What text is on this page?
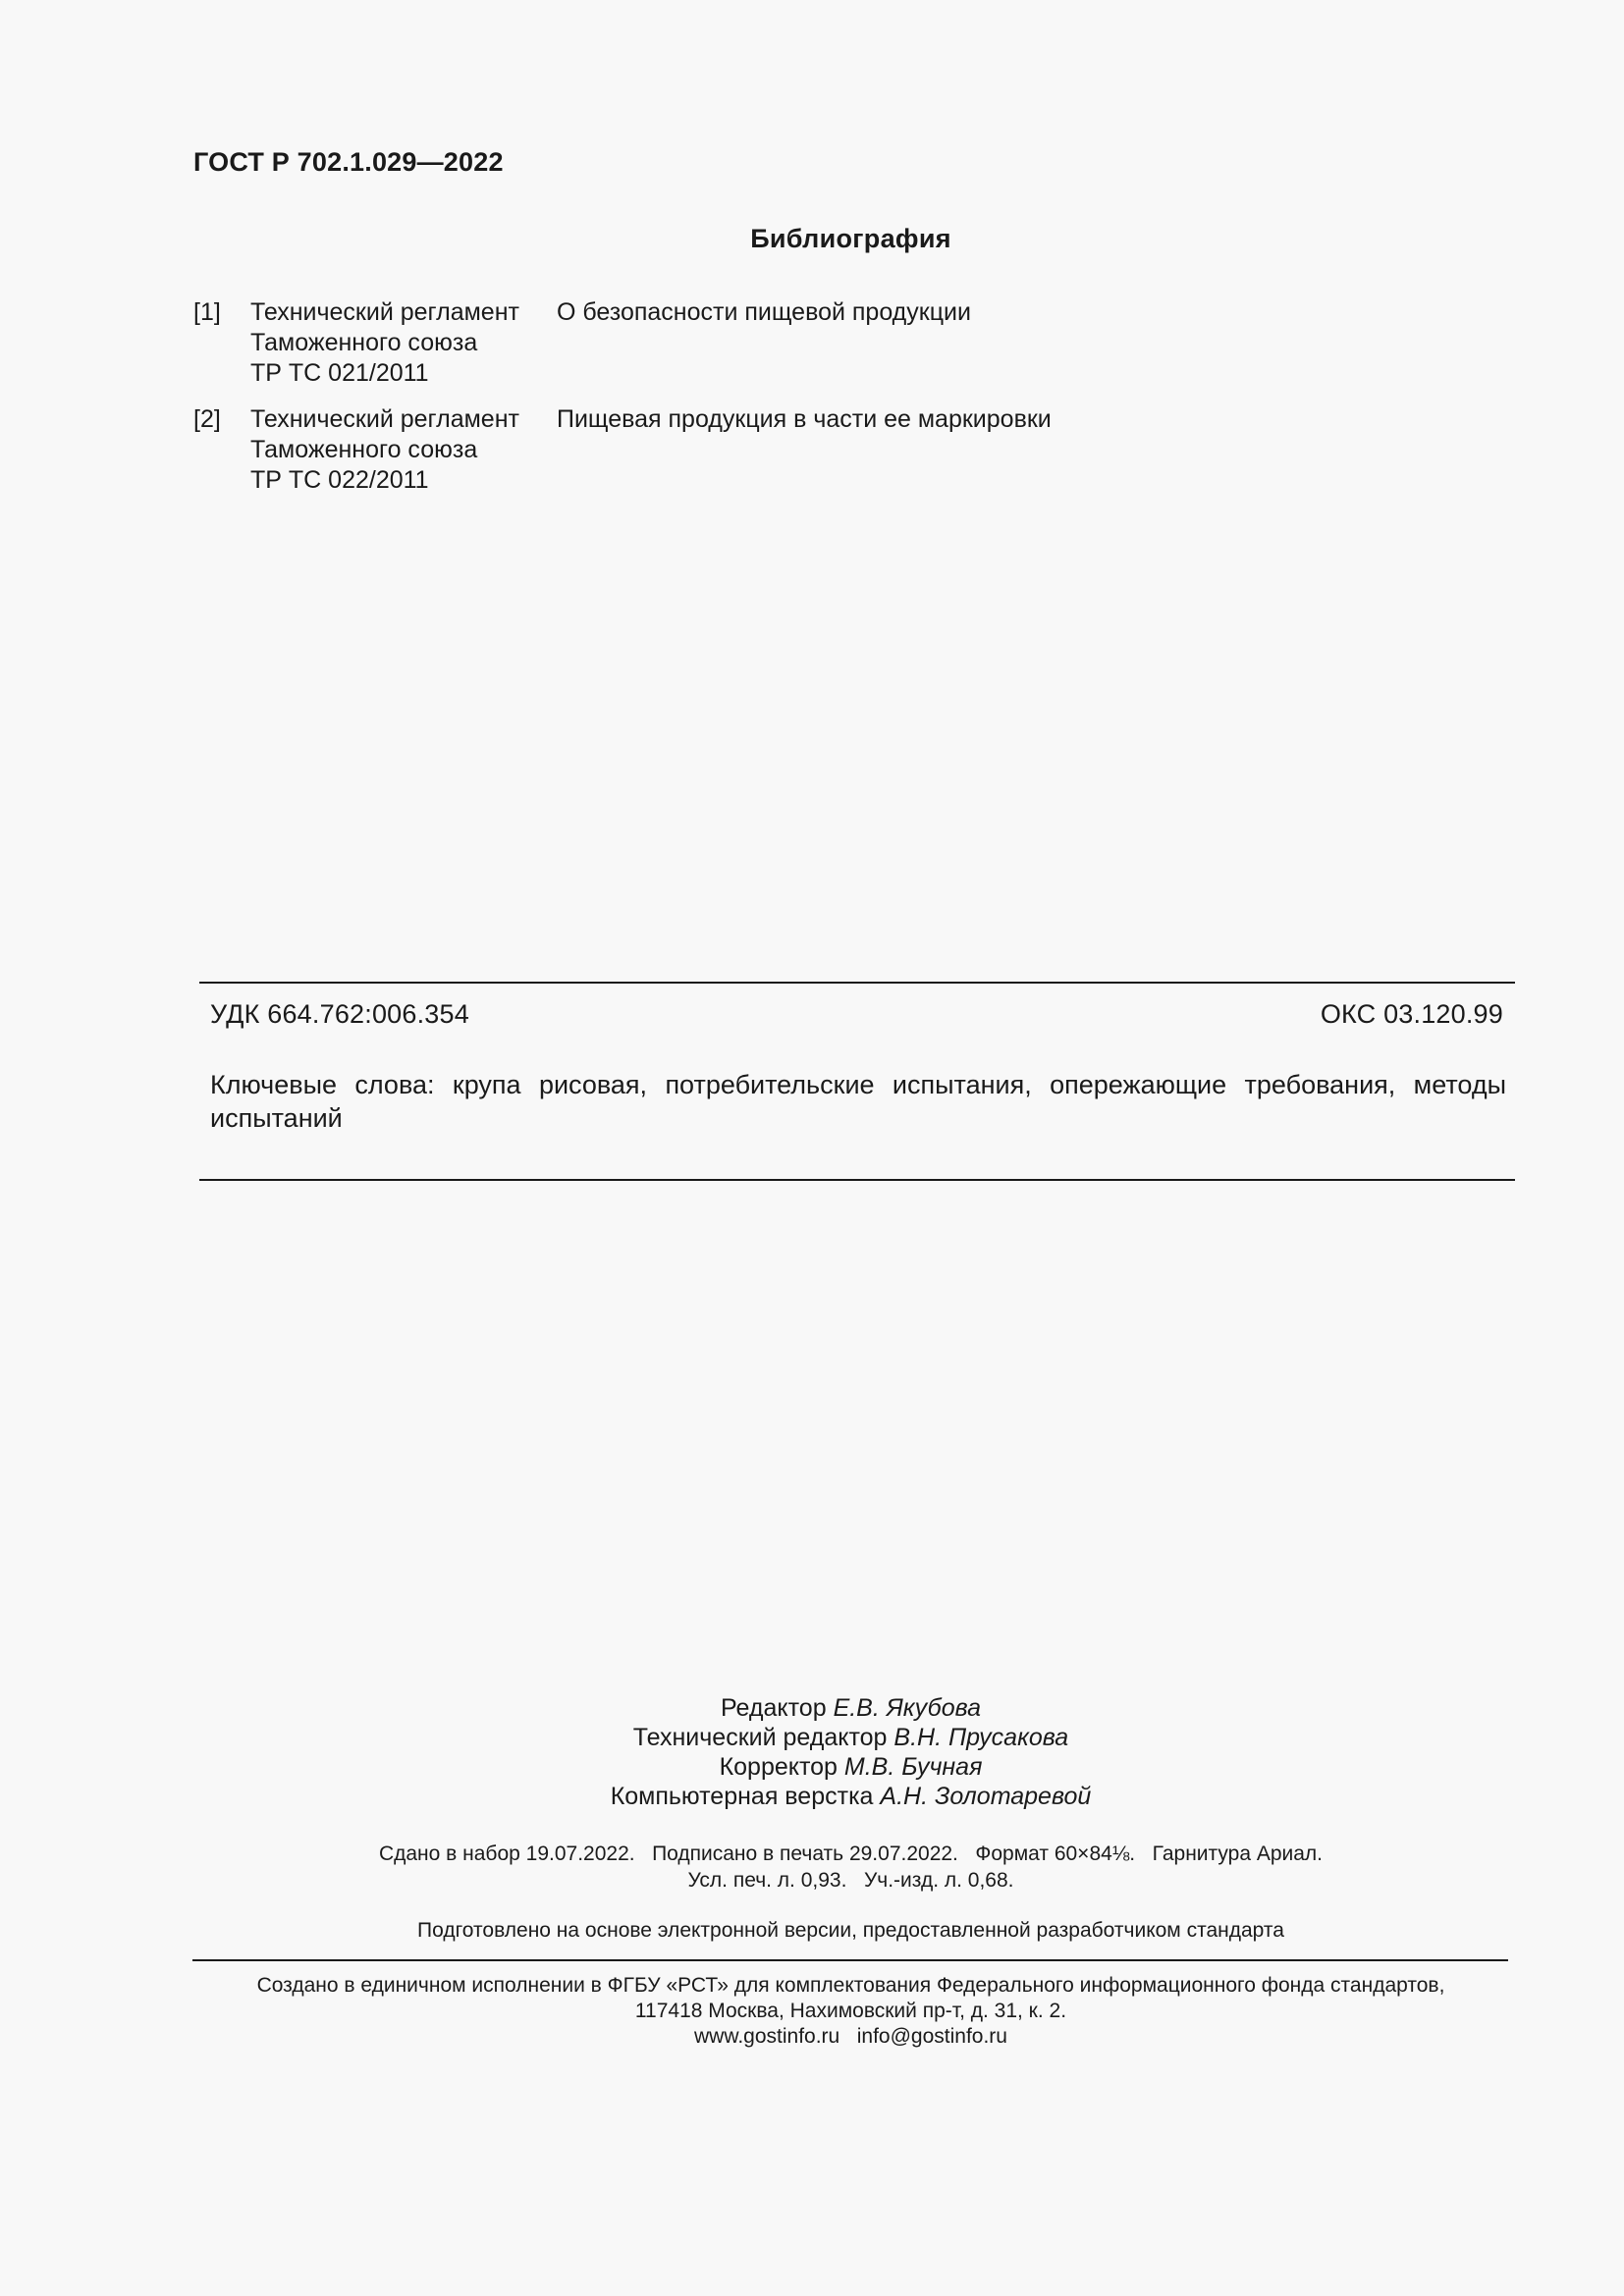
ГОСТ Р 702.1.029—2022
Библиография
[1] Технический регламент
Таможенного союза
ТР ТС 021/2011
О безопасности пищевой продукции
[2] Технический регламент
Таможенного союза
ТР ТС 022/2011
Пищевая продукция в части ее маркировки
УДК 664.762:006.354	ОКС 03.120.99
Ключевые слова: крупа рисовая, потребительские испытания, опережающие требования, методы испытаний
Редактор Е.В. Якубова
Технический редактор В.Н. Прусакова
Корректор М.В. Бучная
Компьютерная верстка А.Н. Золотаревой
Сдано в набор 19.07.2022.   Подписано в печать 29.07.2022.   Формат 60×84⅛.   Гарнитура Ариал.
Усл. печ. л. 0,93.   Уч.-изд. л. 0,68.
Подготовлено на основе электронной версии, предоставленной разработчиком стандарта
Создано в единичном исполнении в ФГБУ «РСТ» для комплектования Федерального информационного фонда стандартов,
117418 Москва, Нахимовский пр-т, д. 31, к. 2.
www.gostinfo.ru info@gostinfo.ru
